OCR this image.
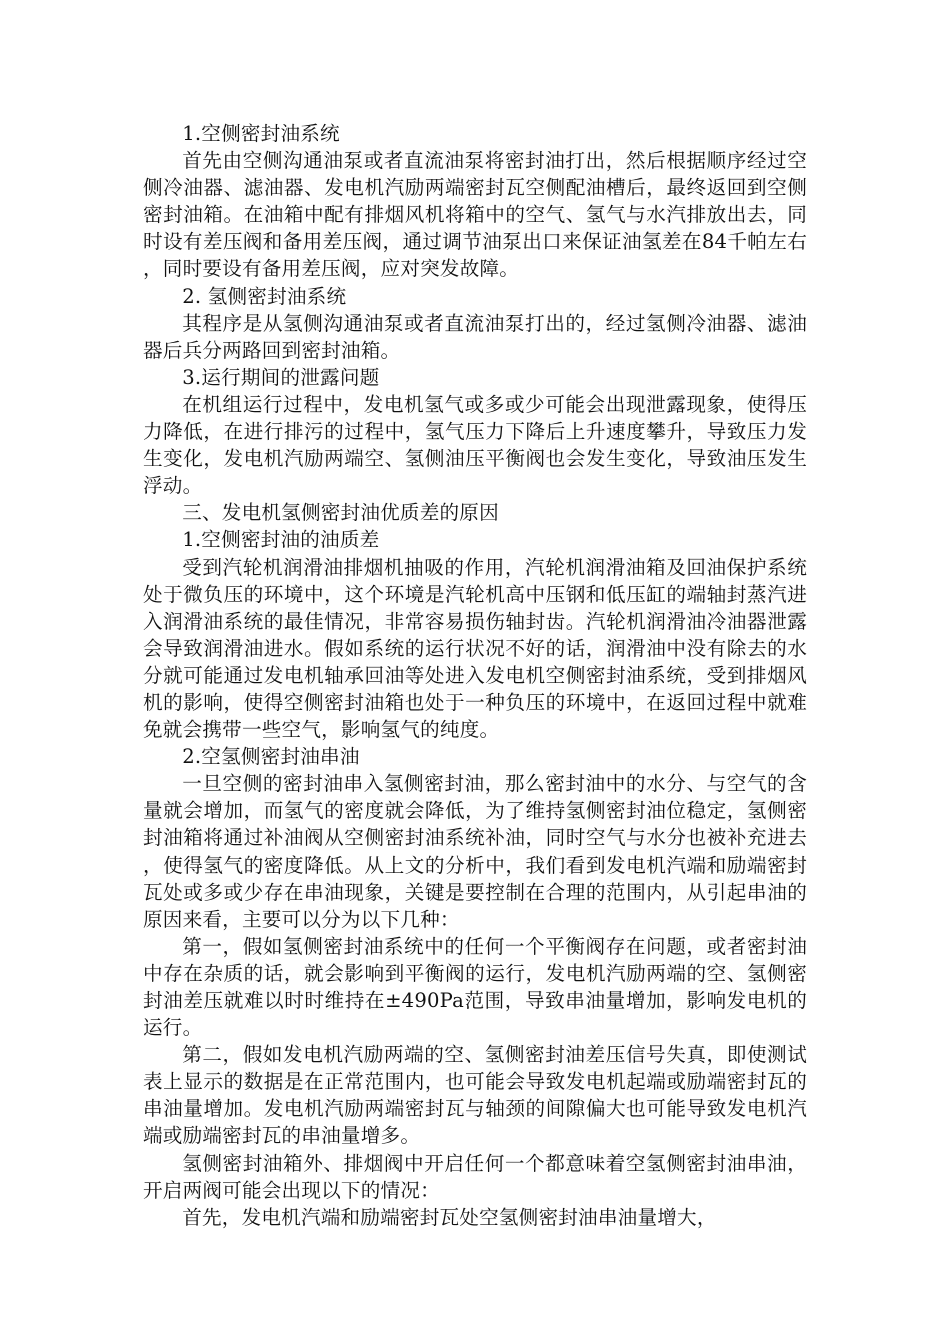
1.空侧密封油系统

首先由空侧沟通油泵或者直流油泵将密封油打出，然后根据顺序经过空侧冷油器、滤油器、发电机汽励两端密封瓦空侧配油槽后，最终返回到空侧密封油箱。在油箱中配有排烟风机将箱中的空气、氢气与水汽排放出去，同时设有差压阀和备用差压阀，通过调节油泵出口来保证油氢差在84千帕左右，同时要设有备用差压阀，应对突发故障。

2. 氢侧密封油系统

其程序是从氢侧沟通油泵或者直流油泵打出的，经过氢侧冷油器、滤油器后兵分两路回到密封油箱。

3.运行期间的泄露问题

在机组运行过程中，发电机氢气或多或少可能会出现泄露现象，使得压力降低，在进行排污的过程中，氢气压力下降后上升速度攀升，导致压力发生变化，发电机汽励两端空、氢侧油压平衡阀也会发生变化，导致油压发生浮动。

三、发电机氢侧密封油优质差的原因

1.空侧密封油的油质差

受到汽轮机润滑油排烟机抽吸的作用，汽轮机润滑油箱及回油保护系统处于微负压的环境中，这个环境是汽轮机高中压钢和低压缸的端轴封蒸汽进入润滑油系统的最佳情况，非常容易损伤轴封齿。汽轮机润滑油冷油器泄露会导致润滑油进水。假如系统的运行状况不好的话，润滑油中没有除去的水分就可能通过发电机轴承回油等处进入发电机空侧密封油系统，受到排烟风机的影响，使得空侧密封油箱也处于一种负压的环境中，在返回过程中就难免就会携带一些空气，影响氢气的纯度。

2.空氢侧密封油串油

一旦空侧的密封油串入氢侧密封油，那么密封油中的水分、与空气的含量就会增加，而氢气的密度就会降低，为了维持氢侧密封油位稳定，氢侧密封油箱将通过补油阀从空侧密封油系统补油，同时空气与水分也被补充进去，使得氢气的密度降低。从上文的分析中，我们看到发电机汽端和励端密封瓦处或多或少存在串油现象，关键是要控制在合理的范围内，从引起串油的原因来看，主要可以分为以下几种：

第一，假如氢侧密封油系统中的任何一个平衡阀存在问题，或者密封油中存在杂质的话，就会影响到平衡阀的运行，发电机汽励两端的空、氢侧密封油差压就难以时时维持在±490Pa范围，导致串油量增加，影响发电机的运行。

第二，假如发电机汽励两端的空、氢侧密封油差压信号失真，即使测试表上显示的数据是在正常范围内，也可能会导致发电机起端或励端密封瓦的串油量增加。发电机汽励两端密封瓦与轴颈的间隙偏大也可能导致发电机汽端或励端密封瓦的串油量增多。

氢侧密封油箱外、排烟阀中开启任何一个都意味着空氢侧密封油串油，开启两阀可能会出现以下的情况：

首先，发电机汽端和励端密封瓦处空氢侧密封油串油量增大，
